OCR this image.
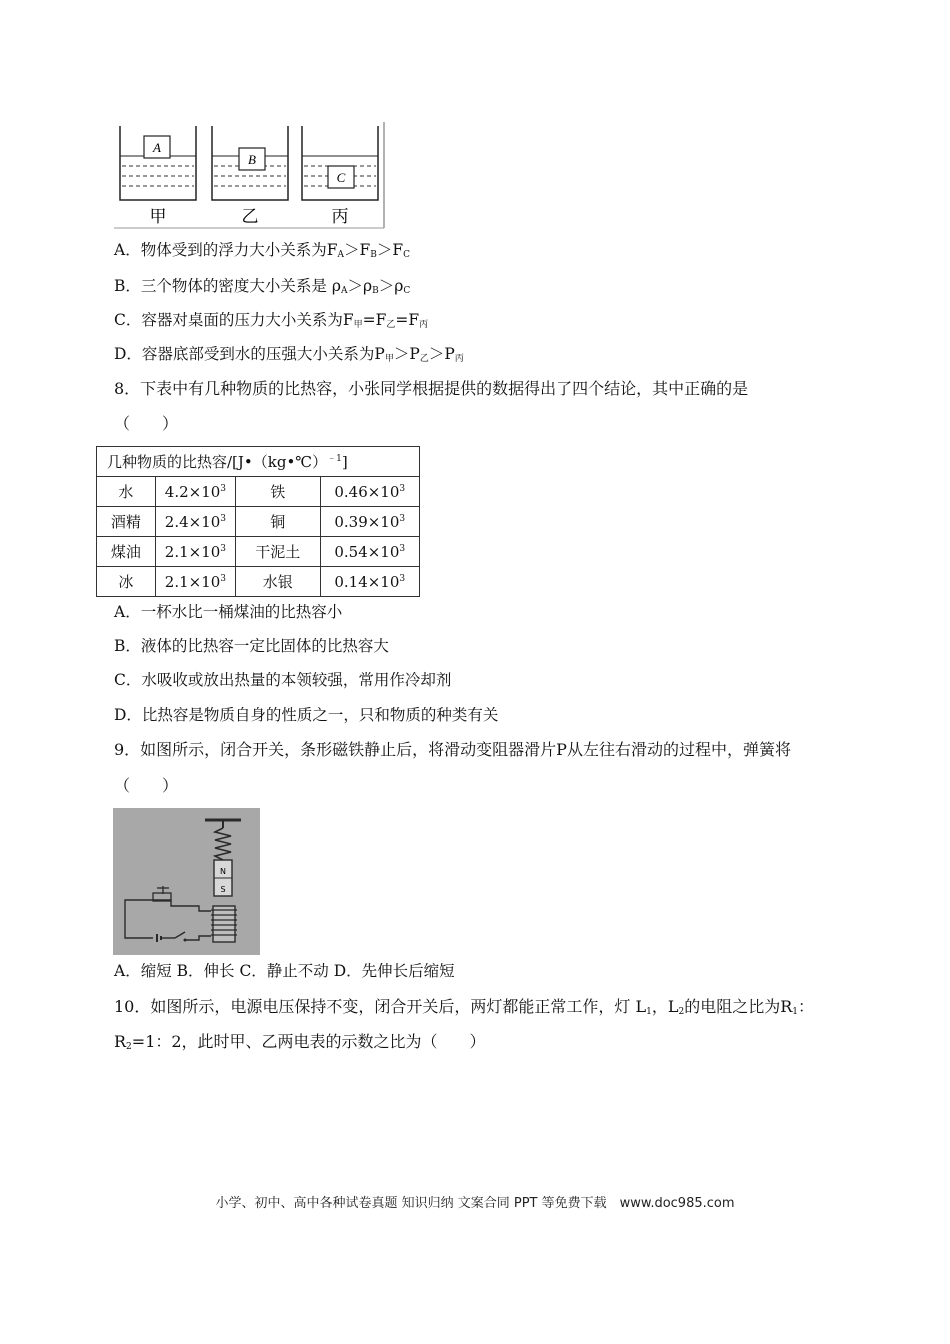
A
甲
B
乙
C
丙
A．物体受到的浮力大小关系为$F_A>F_B>F_C$
B．三个物体的密度大小关系是 $\rho_A>\rho_B>\rho_C$
C．容器对桌面的压力大小关系为$F_甲=F_乙=F_丙$
D．容器底部受到水的压强大小关系为$P_甲>P_乙>P_丙$
8．下表中有几种物质的比热容，小张同学根据提供的数据得出了四个结论，其中正确的是
（　　）
几种物质的比热容/[J•（kg•℃）$^{﹣1}$]			
水	$4.2\times 10^3$	铁	$0.46\times 10^3$
酒精	$2.4\times 10^3$	铜	$0.39\times 10^3$
煤油	$2.1\times 10^3$	干泥土	$0.54\times 10^3$
冰	$2.1\times 10^3$	水银	$0.14\times 10^3$
A．一杯水比一桶煤油的比热容小
B．液体的比热容一定比固体的比热容大
C．水吸收或放出热量的本领较强，常用作冷却剂
D．比热容是物质自身的性质之一，只和物质的种类有关
9．如图所示，闭合开关，条形磁铁静止后，将滑动变阻器滑片P从左往右滑动的过程中，弹簧将
（　　）
N
S
A．缩短 B．伸长 C．静止不动 D．先伸长后缩短
10．如图所示，电源电压保持不变，闭合开关后，两灯都能正常工作，灯 $L_1$，$L_2$的电阻之比为$R_1$：
$R_2=1$：2，此时甲、乙两电表的示数之比为（　　）
小学、初中、高中各种试卷真题 知识归纳 文案合同 PPT 等免费下载　www.doc985.com
